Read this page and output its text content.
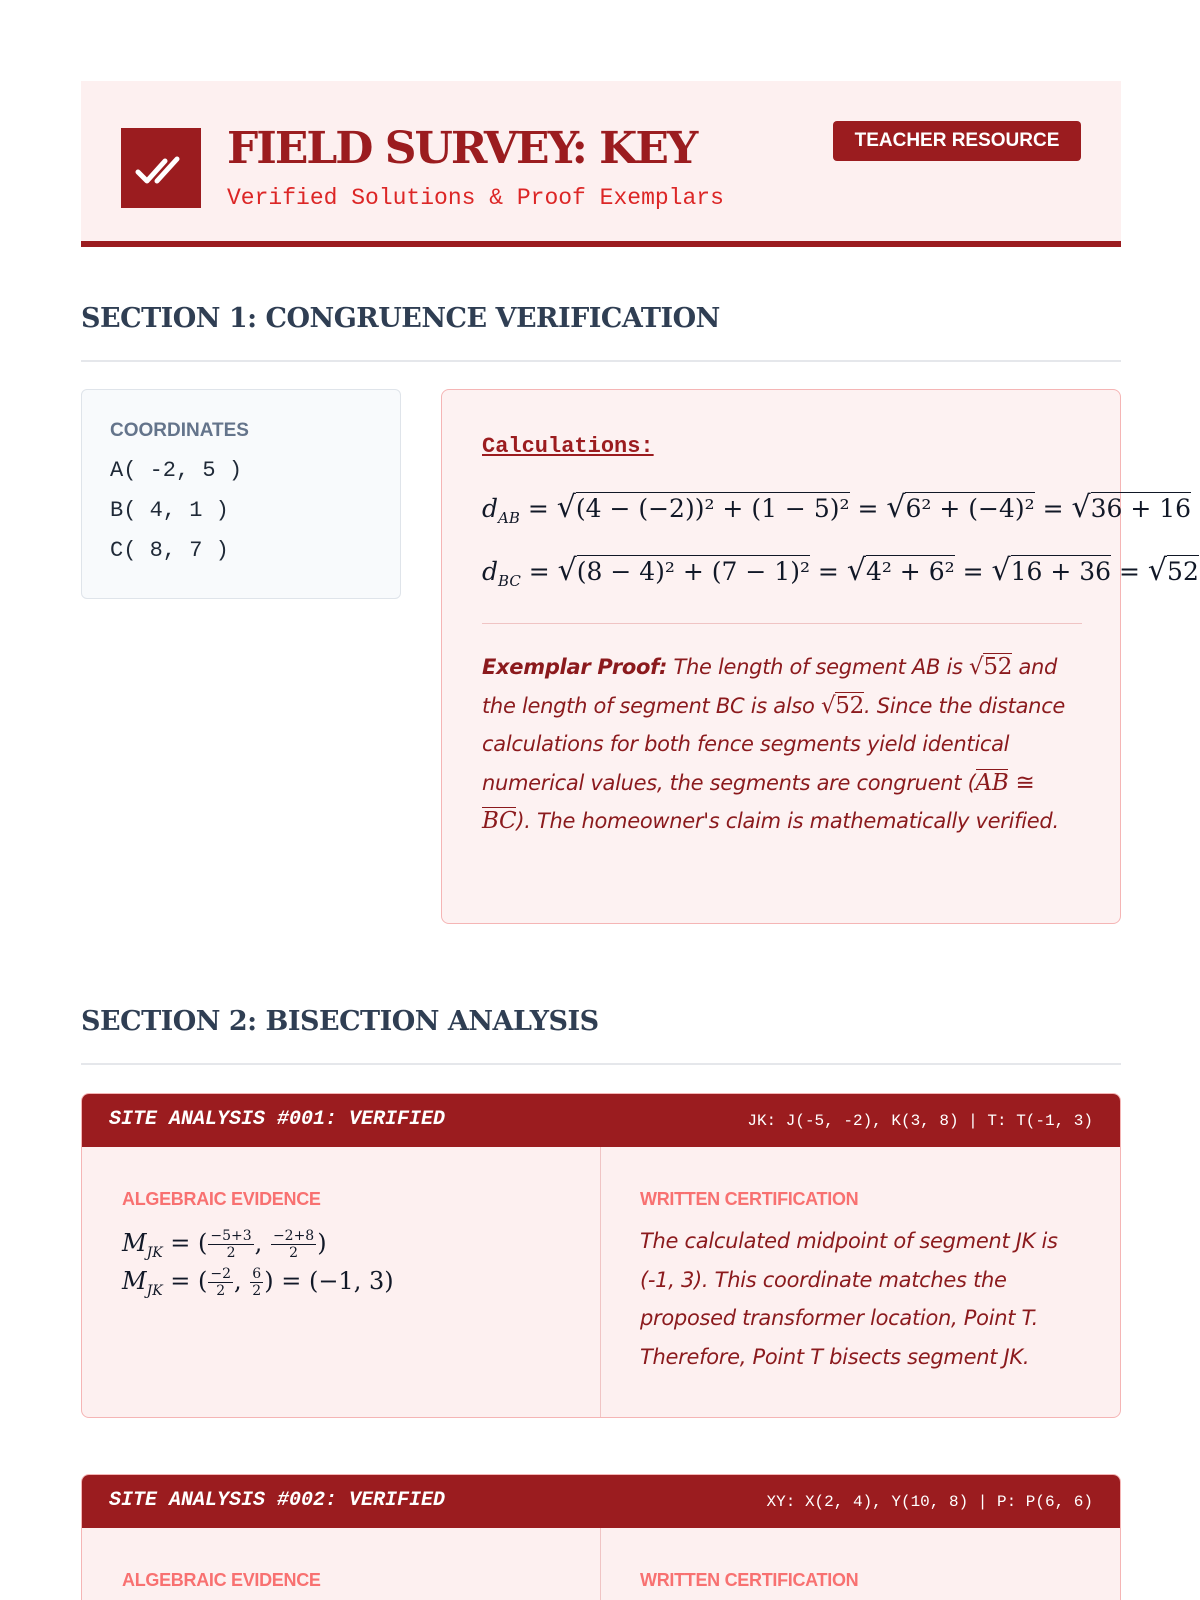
FIELD SURVEY: KEY
Verified Solutions & Proof Exemplars
TEACHER RESOURCE
SECTION 1: CONGRUENCE VERIFICATION
COORDINATES
A( -2, 5 )
B( 4, 1 )
C( 8, 7 )
Calculations:
$d_{AB} = √(4 - (-2))^2 + (1 - 5)^2 = √6^2 + (-4)^2 = √36 + 16$
$d_{BC} = √(8 - 4)^2 + (7 - 1)^2 = √4^2 + 6^2 = √16 + 36 = √52$
Exemplar Proof: The length of segment AB is √52 and the length of segment BC is also √52. Since the distance calculations for both fence segments yield identical numerical values, the segments are congruent (AB ≅ BC). The homeowner's claim is mathematically verified.
SECTION 2: BISECTION ANALYSIS
SITE ANALYSIS #001: VERIFIED	JK: J(-5, -2), K(3, 8) | T: T(-1, 3)
ALGEBRAIC EVIDENCE	WRITTEN CERTIFICATION
$M_{JK}$ = ( $\frac{-5+3}{2}$ , $\frac{-2+8}{2}$ )
$M_{JK}$ = ( $\frac{-2}{2}$ , $\frac{6}{2}$ ) = (−1, 3)
The calculated midpoint of segment JK is (-1, 3). This coordinate matches the proposed transformer location, Point T. Therefore, Point T bisects segment JK.
SITE ANALYSIS #002: VERIFIED	XY: X(2, 4), Y(10, 8) | P: P(6, 6)
ALGEBRAIC EVIDENCE	WRITTEN CERTIFICATION
